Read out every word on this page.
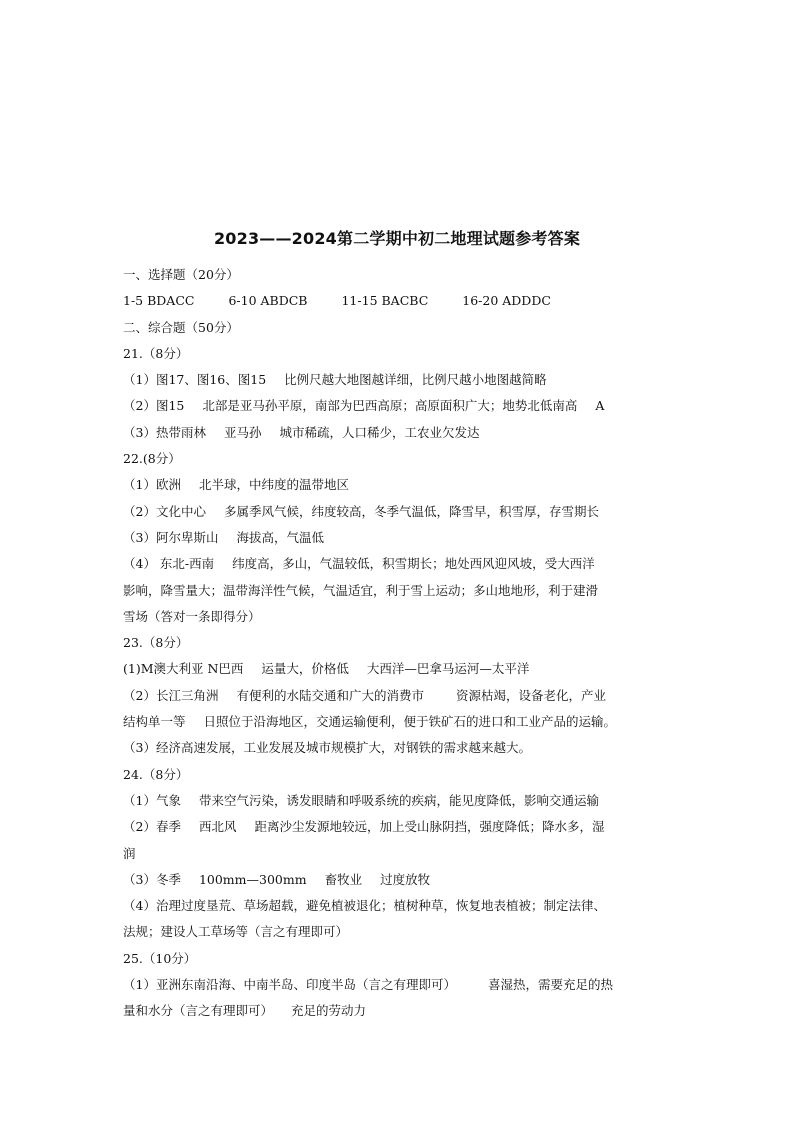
2023——2024第二学期中初二地理试题参考答案
一、选择题（20分）
1-5 BDACC	6-10 ABDCB	11-15 BACBC	16-20 ADDDC
二、综合题（50分）
21.（8分）
（1）图17、图16、图15 比例尺越大地图越详细，比例尺越小地图越简略
（2）图15 北部是亚马孙平原，南部为巴西高原；高原面积广大；地势北低南高 A
（3）热带雨林 亚马孙 城市稀疏，人口稀少，工农业欠发达
22.(8分）
（1）欧洲 北半球，中纬度的温带地区
（2）文化中心 多属季风气候，纬度较高，冬季气温低，降雪早，积雪厚，存雪期长
（3）阿尔卑斯山 海拔高，气温低
（4） 东北-西南 纬度高，多山，气温较低，积雪期长；地处西风迎风坡，受大西洋
影响，降雪量大；温带海洋性气候，气温适宜，利于雪上运动；多山地地形，利于建滑
雪场（答对一条即得分）
23.（8分）
(1)M澳大利亚 N巴西 运量大，价格低 大西洋—巴拿马运河—太平洋
（2）长江三角洲 有便利的水陆交通和广大的消费市	资源枯竭，设备老化，产业
结构单一等 日照位于沿海地区，交通运输便利，便于铁矿石的进口和工业产品的运输。
（3）经济高速发展，工业发展及城市规模扩大，对钢铁的需求越来越大。
24.（8分）
（1）气象 带来空气污染，诱发眼睛和呼吸系统的疾病，能见度降低，影响交通运输
（2）春季 西北风 距离沙尘发源地较远，加上受山脉阴挡，强度降低；降水多，湿
润
（3）冬季 100mm—300mm 畜牧业 过度放牧
（4）治理过度垦荒、草场超载，避免植被退化；植树种草，恢复地表植被；制定法律、
法规；建设人工草场等（言之有理即可）
25.（10分）
（1）亚洲东南沿海、中南半岛、印度半岛（言之有理即可）	喜湿热，需要充足的热
量和水分（言之有理即可） 充足的劳动力
